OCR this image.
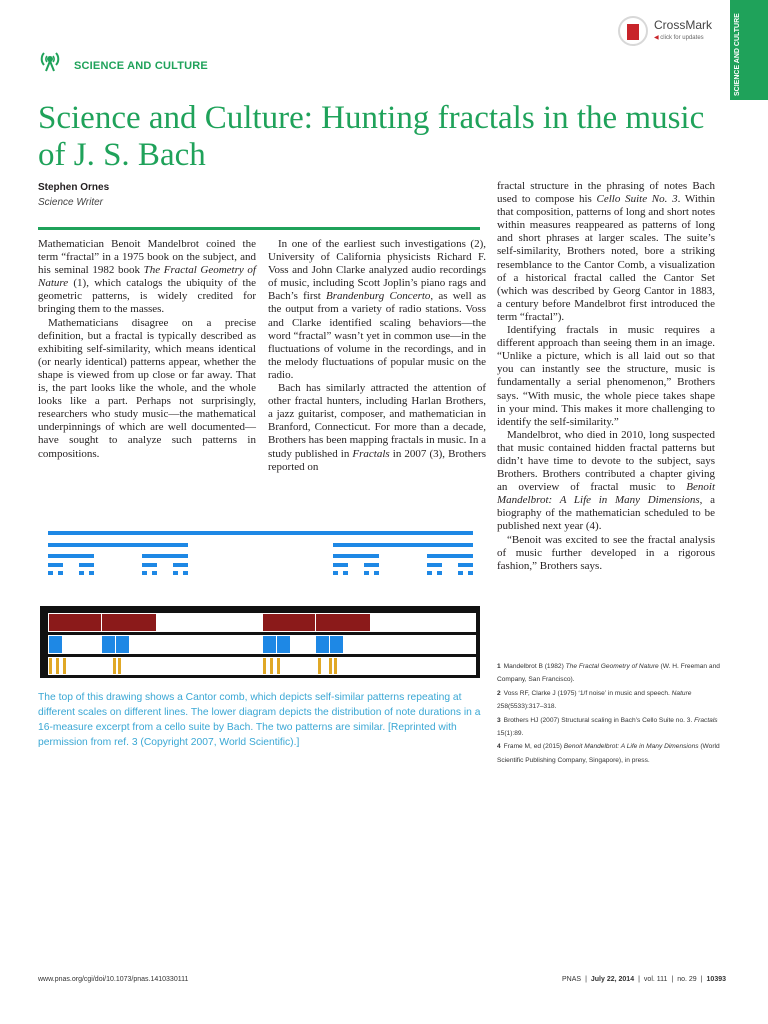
SCIENCE AND CULTURE
CrossMark
◀ click for updates
SCIENCE AND CULTURE
Science and Culture: Hunting fractals in the music of J. S. Bach
Stephen Ornes
Science Writer

Mathematician Benoit Mandelbrot coined the term “fractal” in a 1975 book on the subject, and his seminal 1982 book The Fractal Geometry of Nature (1), which catalogs the ubiquity of the geometric patterns, is widely credited for bringing them to the masses.

Mathematicians disagree on a precise definition, but a fractal is typically described as exhibiting self-similarity, which means identical (or nearly identical) patterns appear, whether the shape is viewed from up close or far away. That is, the part looks like the whole, and the whole looks like a part. Perhaps not surprisingly, researchers who study music—the mathematical underpinnings of which are well documented—have sought to analyze such patterns in compositions.

In one of the earliest such investigations (2), University of California physicists Richard F. Voss and John Clarke analyzed audio recordings of music, including Scott Joplin’s piano rags and Bach’s first Brandenburg Concerto, as well as the output from a variety of radio stations. Voss and Clarke identified scaling behaviors—the word “fractal” wasn’t yet in common use—in the fluctuations of volume in the recordings, and in the melody fluctuations of popular music on the radio.

Bach has similarly attracted the attention of other fractal hunters, including Harlan Brothers, a jazz guitarist, composer, and mathematician in Branford, Connecticut. For more than a decade, Brothers has been mapping fractals in music. In a study published in Fractals in 2007 (3), Brothers reported on

fractal structure in the phrasing of notes Bach used to compose his Cello Suite No. 3. Within that composition, patterns of long and short notes within measures reappeared as patterns of long and short phrases at larger scales. The suite’s self-similarity, Brothers noted, bore a striking resemblance to the Cantor Comb, a visualization of a historical fractal called the Cantor Set (which was described by Georg Cantor in 1883, a century before Mandelbrot first introduced the term “fractal”).

Identifying fractals in music requires a different approach than seeing them in an image. “Unlike a picture, which is all laid out so that you can instantly see the structure, music is fundamentally a serial phenomenon,” Brothers says. “With music, the whole piece takes shape in your mind. This makes it more challenging to identify the self-similarity.”

Mandelbrot, who died in 2010, long suspected that music contained hidden fractal patterns but didn’t have time to devote to the subject, says Brothers. Brothers contributed a chapter giving an overview of fractal music to Benoit Mandelbrot: A Life in Many Dimensions, a biography of the mathematician scheduled to be published next year (4).

“Benoit was excited to see the fractal analysis of music further developed in a rigorous fashion,” Brothers says.

The top of this drawing shows a Cantor comb, which depicts self-similar patterns repeating at different scales on different lines. The lower diagram depicts the distribution of note durations in a 16-measure excerpt from a cello suite by Bach. The two patterns are similar. [Reprinted with permission from ref. 3 (Copyright 2007, World Scientific).]
1 Mandelbrot B (1982) The Fractal Geometry of Nature (W. H. Freeman and Company, San Francisco).
2 Voss RF, Clarke J (1975) ‘1/f noise’ in music and speech. Nature 258(5533):317–318.
3 Brothers HJ (2007) Structural scaling in Bach’s Cello Suite no. 3. Fractals 15(1):89.
4 Frame M, ed (2015) Benoit Mandelbrot: A Life in Many Dimensions (World Scientific Publishing Company, Singapore), in press.
www.pnas.org/cgi/doi/10.1073/pnas.1410330111	PNAS | July 22, 2014 | vol. 111 | no. 29 | 10393
